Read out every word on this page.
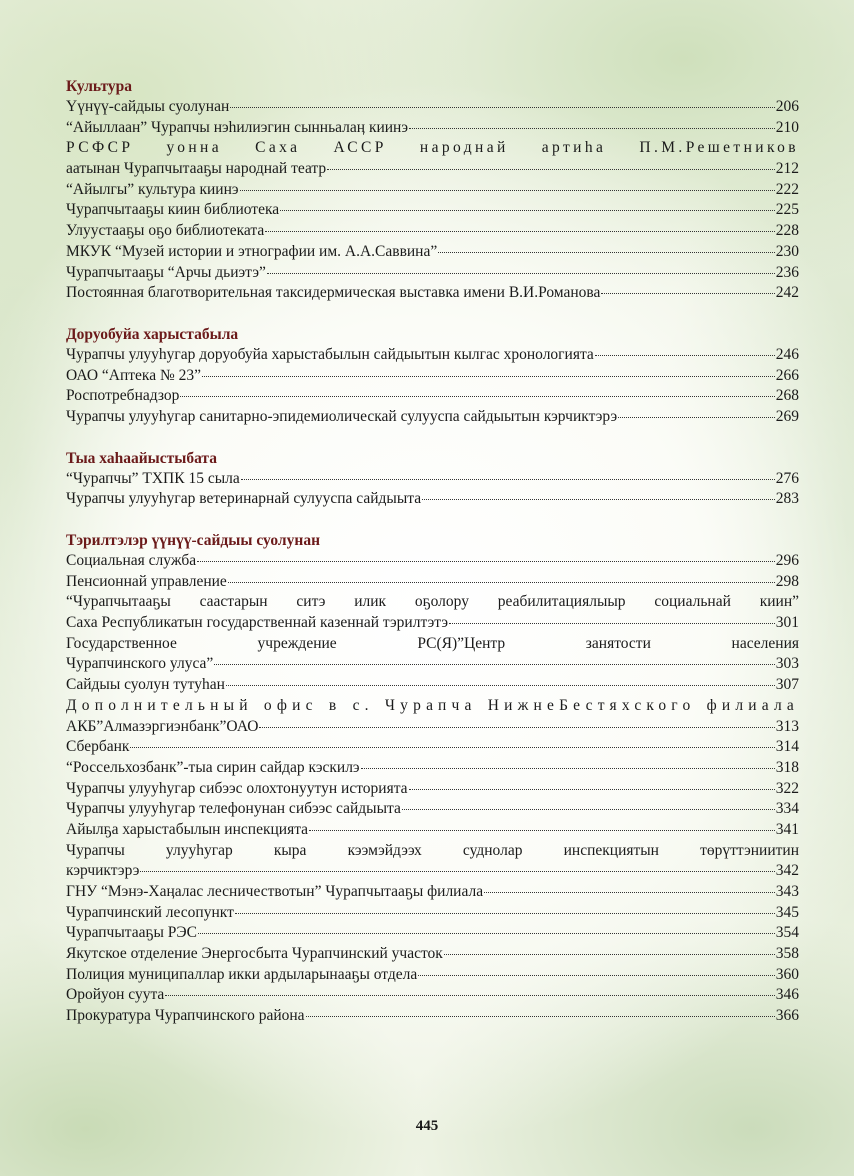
Культура
Үүнүү-сайдыы суолунан	206
“Айыллаан” Чурапчы нэһилиэгин сынньалаӊ киинэ	210
РСФСР уонна Саха АССР народнай артиһа П.М.Решетников
аатынан Чурапчытааҕы народнай театр	212
“Айылгы” культура киинэ	222
Чурапчытааҕы киин библиотека	225
Улуустааҕы оҕо библиотеката	228
МКУК “Музей истории и этнографии им. А.А.Саввина”	230
Чурапчытааҕы “Арчы дьиэтэ”	236
Постоянная благотворительная таксидермическая выставка имени В.И.Романова	242
Доруобуйа харыстабыла
Чурапчы улууһугар доруобуйа харыстабылын сайдыытын кылгас хронологията	246
ОАО “Аптека № 23”	266
Роспотребнадзор	268
Чурапчы улууһугар санитарно-эпидемиолическай сулууспа сайдыытын кэрчиктэрэ	269
Тыа хаһаайыстыбата
“Чурапчы” ТХПК 15 сыла	276
Чурапчы улууһугар ветеринарнай сулууспа сайдыыта	283
Тэрилтэлэр үүнүү-сайдыы суолунан
Социальная служба	296
Пенсионнай управление	298
“Чурапчытааҕы саастарын ситэ илик оҕолору реабилитациялыыр социальнай киин”
Саха Республикатын государственнай казеннай тэрилтэтэ	301
Государственное учреждение РС(Я)”Центр занятости населения
Чурапчинского улуса”	303
Сайдыы суолун тутуһан	307
Дополнительный офис в с. Чурапча НижнеБестяхского филиала
АКБ”Алмазэргиэнбанк”ОАО	313
Сбербанк	314
“Россельхозбанк”-тыа сирин сайдар кэскилэ	318
Чурапчы улууһугар сибээс олохтонуутун историята	322
Чурапчы улууһугар телефонунан сибээс сайдыыта	334
Айылҕа харыстабылын инспекцията	341
Чурапчы улууһугар кыра кээмэйдээх суднолар инспекциятын төрүттэниитин
кэрчиктэрэ	342
ГНУ “Мэнэ-Хаӊалас лесничествотын” Чурапчытааҕы филиала	343
Чурапчинский лесопункт	345
Чурапчытааҕы РЭС	354
Якутское отделение Энергосбыта Чурапчинский участок	358
Полиция муниципаллар икки ардыларынааҕы отдела	360
Оройуон суута	346
Прокуратура Чурапчинского района	366
445
